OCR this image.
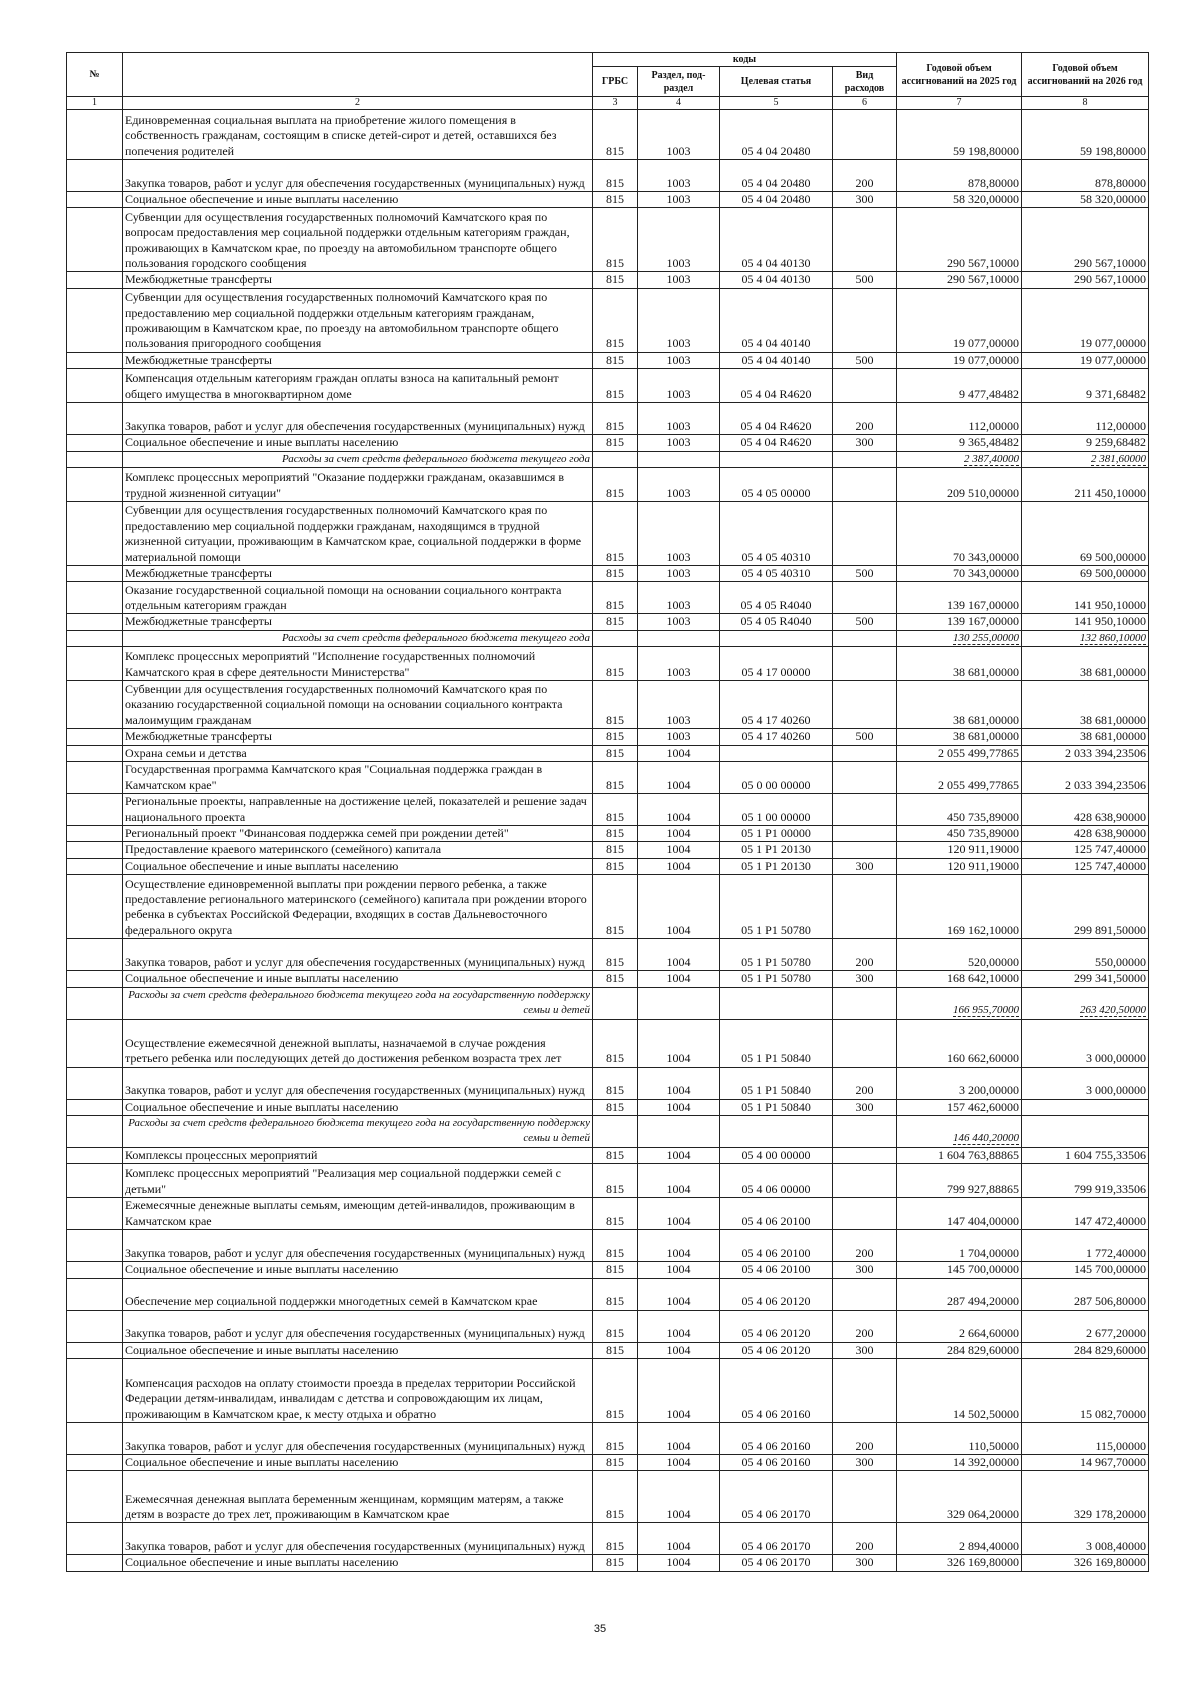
№		коды				Годовой объем ассигнований на 2025 год	Годовой объем ассигнований на 2026 год
		ГРБС	Раздел, под-раздел	Целевая статья	Вид расходов		
1	2	3	4	5	6	7	8
	Единовременная социальная выплата на приобретение жилого помещения в собственность гражданам, состоящим в списке детей-сирот и детей, оставшихся без попечения родителей	815	1003	05 4 04 20480		59 198,80000	59 198,80000
	Закупка товаров, работ и услуг для обеспечения государственных (муниципальных) нужд	815	1003	05 4 04 20480	200	878,80000	878,80000
	Социальное обеспечение и иные выплаты населению	815	1003	05 4 04 20480	300	58 320,00000	58 320,00000
	Субвенции для осуществления государственных полномочий Камчатского края по вопросам предоставления мер социальной поддержки отдельным категориям граждан, проживающих в Камчатском крае, по проезду на автомобильном транспорте общего пользования городского сообщения	815	1003	05 4 04 40130		290 567,10000	290 567,10000
	Межбюджетные трансферты	815	1003	05 4 04 40130	500	290 567,10000	290 567,10000
	Субвенции для осуществления государственных полномочий Камчатского края по предоставлению мер социальной поддержки отдельным категориям гражданам, проживающим в Камчатском крае, по проезду на автомобильном транспорте общего пользования пригородного сообщения	815	1003	05 4 04 40140		19 077,00000	19 077,00000
	Межбюджетные трансферты	815	1003	05 4 04 40140	500	19 077,00000	19 077,00000
	Компенсация отдельным категориям граждан оплаты взноса на капитальный ремонт общего имущества в многоквартирном доме	815	1003	05 4 04 R4620		9 477,48482	9 371,68482
	Закупка товаров, работ и услуг для обеспечения государственных (муниципальных) нужд	815	1003	05 4 04 R4620	200	112,00000	112,00000
	Социальное обеспечение и иные выплаты населению	815	1003	05 4 04 R4620	300	9 365,48482	9 259,68482
	Расходы за счет средств федерального бюджета текущего года					2 387,40000	2 381,60000
	Комплекс процессных мероприятий "Оказание поддержки гражданам, оказавшимся в трудной жизненной ситуации"	815	1003	05 4 05 00000		209 510,00000	211 450,10000
	Субвенции для осуществления государственных полномочий Камчатского края по предоставлению мер социальной поддержки гражданам, находящимся в трудной жизненной ситуации, проживающим в Камчатском крае, социальной поддержки в форме материальной помощи	815	1003	05 4 05 40310		70 343,00000	69 500,00000
	Межбюджетные трансферты	815	1003	05 4 05 40310	500	70 343,00000	69 500,00000
	Оказание государственной социальной помощи на основании социального контракта отдельным категориям граждан	815	1003	05 4 05 R4040		139 167,00000	141 950,10000
	Межбюджетные трансферты	815	1003	05 4 05 R4040	500	139 167,00000	141 950,10000
	Расходы за счет средств федерального бюджета текущего года					130 255,00000	132 860,10000
	Комплекс процессных мероприятий "Исполнение государственных полномочий Камчатского края в сфере деятельности Министерства"	815	1003	05 4 17 00000		38 681,00000	38 681,00000
	Субвенции для осуществления государственных полномочий Камчатского края по оказанию государственной социальной помощи на основании социального контракта малоимущим гражданам	815	1003	05 4 17 40260		38 681,00000	38 681,00000
	Межбюджетные трансферты	815	1003	05 4 17 40260	500	38 681,00000	38 681,00000
	Охрана семьи и детства	815	1004			2 055 499,77865	2 033 394,23506
	Государственная программа Камчатского края "Социальная поддержка граждан в Камчатском крае"	815	1004	05 0 00 00000		2 055 499,77865	2 033 394,23506
	Региональные проекты, направленные на достижение целей, показателей и решение задач национального проекта	815	1004	05 1 00 00000		450 735,89000	428 638,90000
	Региональный проект "Финансовая поддержка семей при рождении детей"	815	1004	05 1 P1 00000		450 735,89000	428 638,90000
	Предоставление краевого материнского (семейного) капитала	815	1004	05 1 P1 20130		120 911,19000	125 747,40000
	Социальное обеспечение и иные выплаты населению	815	1004	05 1 P1 20130	300	120 911,19000	125 747,40000
	Осуществление единовременной выплаты при рождении первого ребенка, а также предоставление регионального материнского (семейного) капитала при рождении второго ребенка в субъектах Российской Федерации, входящих в состав Дальневосточного федерального округа	815	1004	05 1 P1 50780		169 162,10000	299 891,50000
	Закупка товаров, работ и услуг для обеспечения государственных (муниципальных) нужд	815	1004	05 1 P1 50780	200	520,00000	550,00000
	Социальное обеспечение и иные выплаты населению	815	1004	05 1 P1 50780	300	168 642,10000	299 341,50000
	Расходы за счет средств федерального бюджета текущего года на государственную поддержку семьи и детей					166 955,70000	263 420,50000
	Осуществление ежемесячной денежной выплаты, назначаемой в случае рождения третьего ребенка или последующих детей до достижения ребенком возраста трех лет	815	1004	05 1 P1 50840		160 662,60000	3 000,00000
	Закупка товаров, работ и услуг для обеспечения государственных (муниципальных) нужд	815	1004	05 1 P1 50840	200	3 200,00000	3 000,00000
	Социальное обеспечение и иные выплаты населению	815	1004	05 1 P1 50840	300	157 462,60000	
	Расходы за счет средств федерального бюджета текущего года на государственную поддержку семьи и детей					146 440,20000	
	Комплексы процессных мероприятий	815	1004	05 4 00 00000		1 604 763,88865	1 604 755,33506
	Комплекс процессных мероприятий "Реализация мер социальной поддержки семей с детьми"	815	1004	05 4 06 00000		799 927,88865	799 919,33506
	Ежемесячные денежные выплаты семьям, имеющим детей-инвалидов, проживающим в Камчатском крае	815	1004	05 4 06 20100		147 404,00000	147 472,40000
	Закупка товаров, работ и услуг для обеспечения государственных (муниципальных) нужд	815	1004	05 4 06 20100	200	1 704,00000	1 772,40000
	Социальное обеспечение и иные выплаты населению	815	1004	05 4 06 20100	300	145 700,00000	145 700,00000
	Обеспечение мер социальной поддержки многодетных семей в Камчатском крае	815	1004	05 4 06 20120		287 494,20000	287 506,80000
	Закупка товаров, работ и услуг для обеспечения государственных (муниципальных) нужд	815	1004	05 4 06 20120	200	2 664,60000	2 677,20000
	Социальное обеспечение и иные выплаты населению	815	1004	05 4 06 20120	300	284 829,60000	284 829,60000
	Компенсация расходов на оплату стоимости проезда в пределах территории Российской Федерации детям-инвалидам, инвалидам с детства и сопровождающим их лицам, проживающим в Камчатском крае, к месту отдыха и обратно	815	1004	05 4 06 20160		14 502,50000	15 082,70000
	Закупка товаров, работ и услуг для обеспечения государственных (муниципальных) нужд	815	1004	05 4 06 20160	200	110,50000	115,00000
	Социальное обеспечение и иные выплаты населению	815	1004	05 4 06 20160	300	14 392,00000	14 967,70000
	Ежемесячная денежная выплата беременным женщинам, кормящим матерям, а также детям в возрасте до трех лет, проживающим в Камчатском крае	815	1004	05 4 06 20170		329 064,20000	329 178,20000
	Закупка товаров, работ и услуг для обеспечения государственных (муниципальных) нужд	815	1004	05 4 06 20170	200	2 894,40000	3 008,40000
	Социальное обеспечение и иные выплаты населению	815	1004	05 4 06 20170	300	326 169,80000	326 169,80000
35
